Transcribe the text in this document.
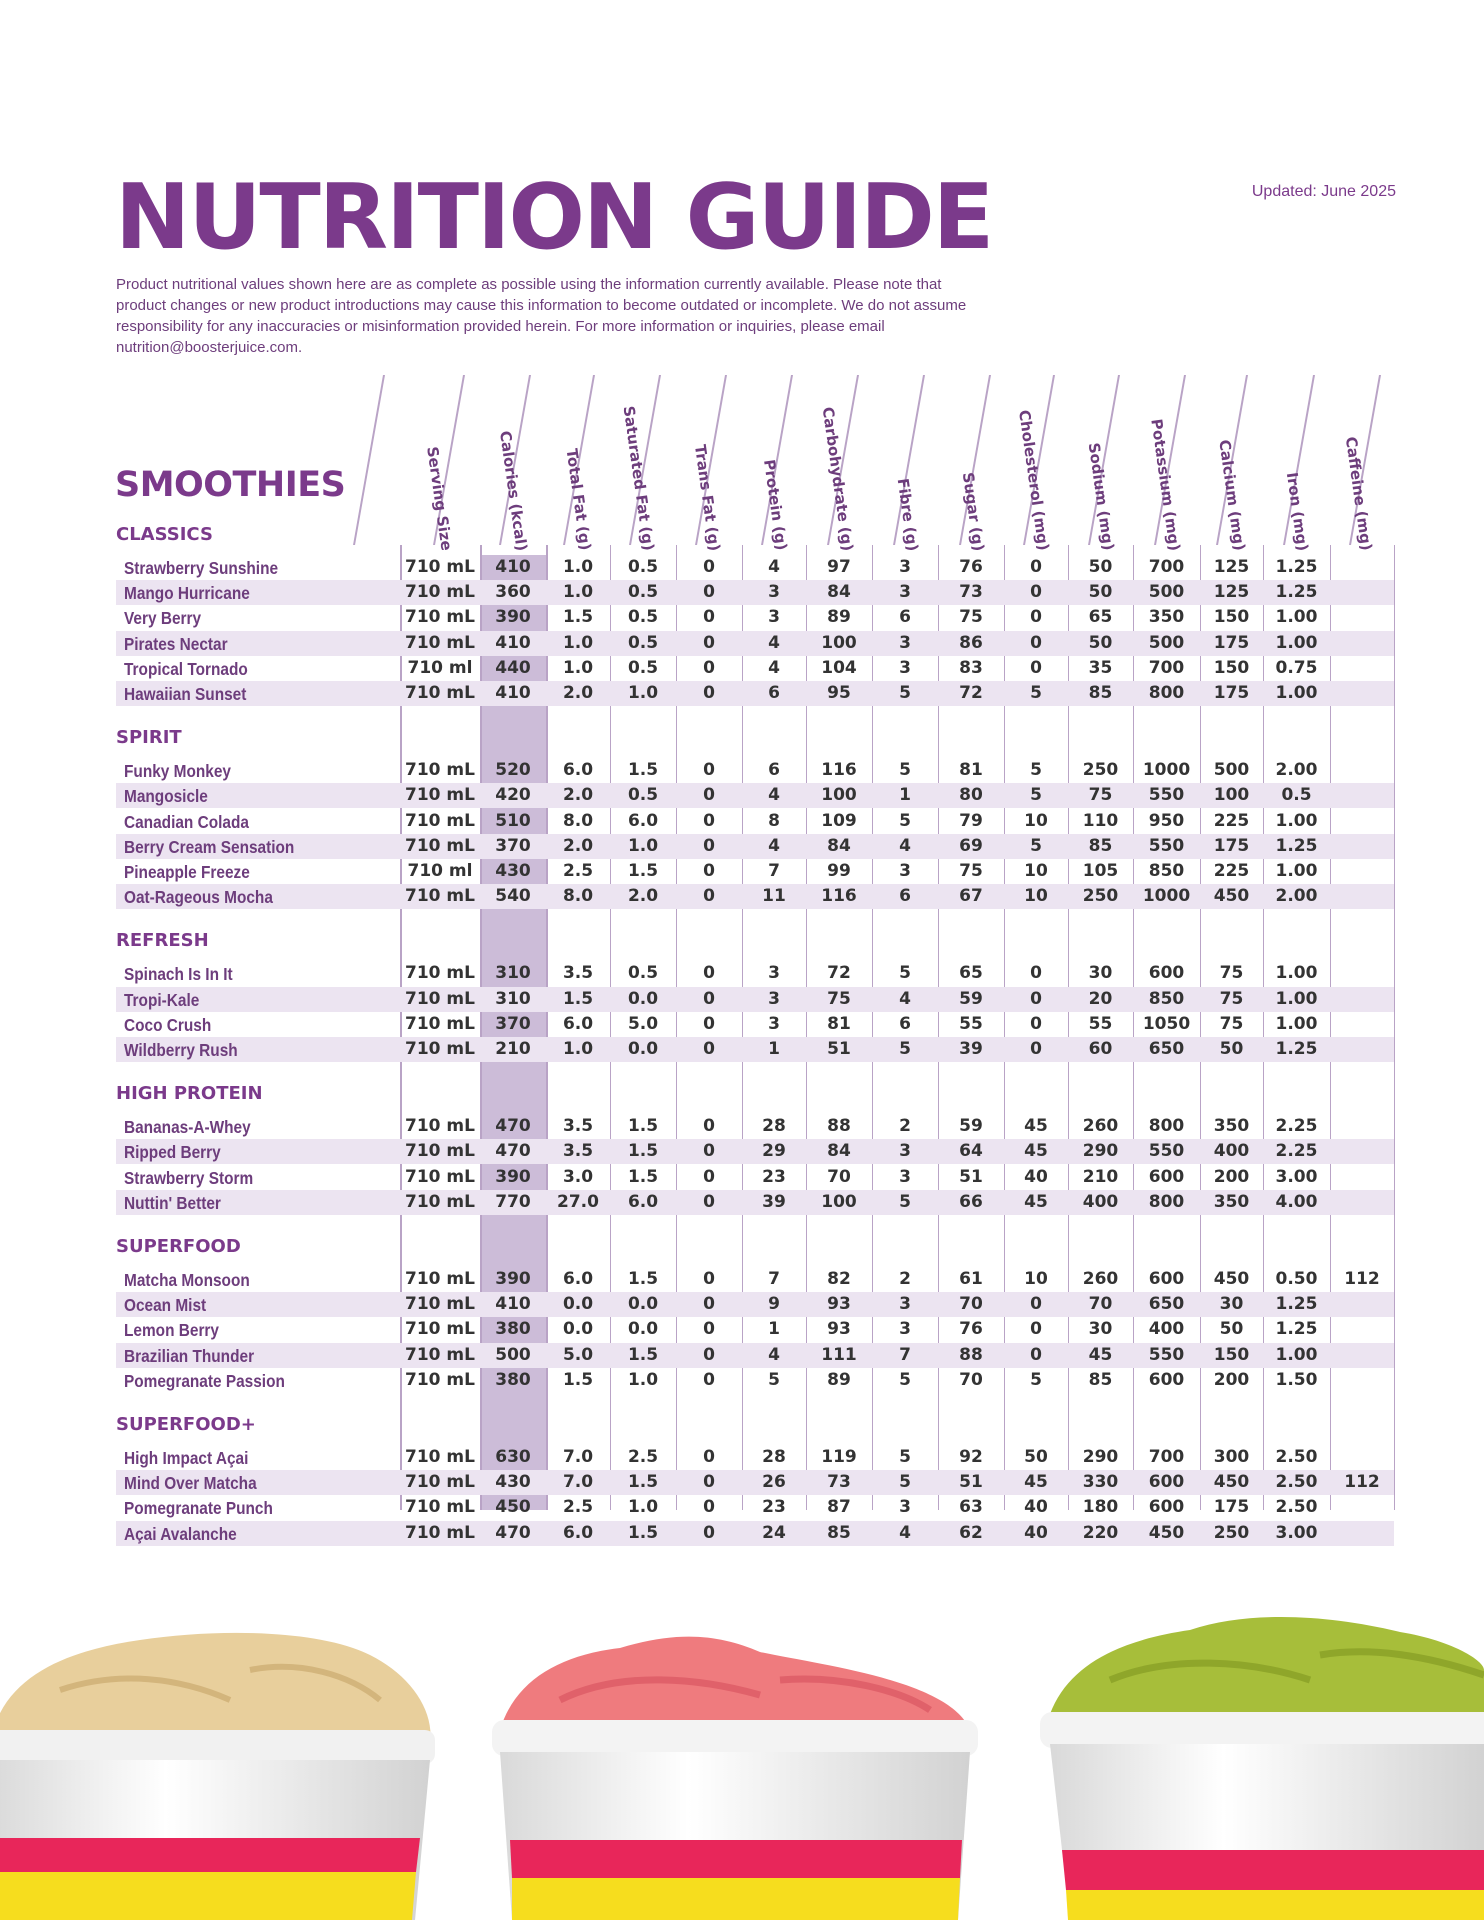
NUTRITION GUIDE	Updated: June 2025

Product nutritional values shown here are as complete as possible using the information currently available. Please note that product changes or new product introductions may cause this information to become outdated or incomplete. We do not assume responsibility for any inaccuracies or misinformation provided herein. For more information or inquiries, please email nutrition@boosterjuice.com.

SMOOTHIES	Serving Size	Calories (kcal)	Total Fat (g)	Saturated Fat (g)	Trans Fat (g)	Protein (g)	Carbohydrate (g)	Fibre (g)	Sugar (g)	Cholesterol (mg)	Sodium (mg)	Potassium (mg)	Calcium (mg)	Iron (mg)	Caffeine (mg)
CLASSICS
Strawberry Sunshine	710 mL	410	1.0	0.5	0	4	97	3	76	0	50	700	125	1.25
Mango Hurricane	710 mL	360	1.0	0.5	0	3	84	3	73	0	50	500	125	1.25
Very Berry	710 mL	390	1.5	0.5	0	3	89	6	75	0	65	350	150	1.00
Pirates Nectar	710 mL	410	1.0	0.5	0	4	100	3	86	0	50	500	175	1.00
Tropical Tornado	710 ml	440	1.0	0.5	0	4	104	3	83	0	35	700	150	0.75
Hawaiian Sunset	710 mL	410	2.0	1.0	0	6	95	5	72	5	85	800	175	1.00
SPIRIT
Funky Monkey	710 mL	520	6.0	1.5	0	6	116	5	81	5	250	1000	500	2.00
Mangosicle	710 mL	420	2.0	0.5	0	4	100	1	80	5	75	550	100	0.5
Canadian Colada	710 mL	510	8.0	6.0	0	8	109	5	79	10	110	950	225	1.00
Berry Cream Sensation	710 mL	370	2.0	1.0	0	4	84	4	69	5	85	550	175	1.25
Pineapple Freeze	710 ml	430	2.5	1.5	0	7	99	3	75	10	105	850	225	1.00
Oat-Rageous Mocha	710 mL	540	8.0	2.0	0	11	116	6	67	10	250	1000	450	2.00
REFRESH
Spinach Is In It	710 mL	310	3.5	0.5	0	3	72	5	65	0	30	600	75	1.00
Tropi-Kale	710 mL	310	1.5	0.0	0	3	75	4	59	0	20	850	75	1.00
Coco Crush	710 mL	370	6.0	5.0	0	3	81	6	55	0	55	1050	75	1.00
Wildberry Rush	710 mL	210	1.0	0.0	0	1	51	5	39	0	60	650	50	1.25
HIGH PROTEIN
Bananas-A-Whey	710 mL	470	3.5	1.5	0	28	88	2	59	45	260	800	350	2.25
Ripped Berry	710 mL	470	3.5	1.5	0	29	84	3	64	45	290	550	400	2.25
Strawberry Storm	710 mL	390	3.0	1.5	0	23	70	3	51	40	210	600	200	3.00
Nuttin' Better	710 mL	770	27.0	6.0	0	39	100	5	66	45	400	800	350	4.00
SUPERFOOD
Matcha Monsoon	710 mL	390	6.0	1.5	0	7	82	2	61	10	260	600	450	0.50	112
Ocean Mist	710 mL	410	0.0	0.0	0	9	93	3	70	0	70	650	30	1.25
Lemon Berry	710 mL	380	0.0	0.0	0	1	93	3	76	0	30	400	50	1.25
Brazilian Thunder	710 mL	500	5.0	1.5	0	4	111	7	88	0	45	550	150	1.00
Pomegranate Passion	710 mL	380	1.5	1.0	0	5	89	5	70	5	85	600	200	1.50
SUPERFOOD+
High Impact Açai	710 mL	630	7.0	2.5	0	28	119	5	92	50	290	700	300	2.50
Mind Over Matcha	710 mL	430	7.0	1.5	0	26	73	5	51	45	330	600	450	2.50	112
Pomegranate Punch	710 mL	450	2.5	1.0	0	23	87	3	63	40	180	600	175	2.50
Açai Avalanche	710 mL	470	6.0	1.5	0	24	85	4	62	40	220	450	250	3.00
